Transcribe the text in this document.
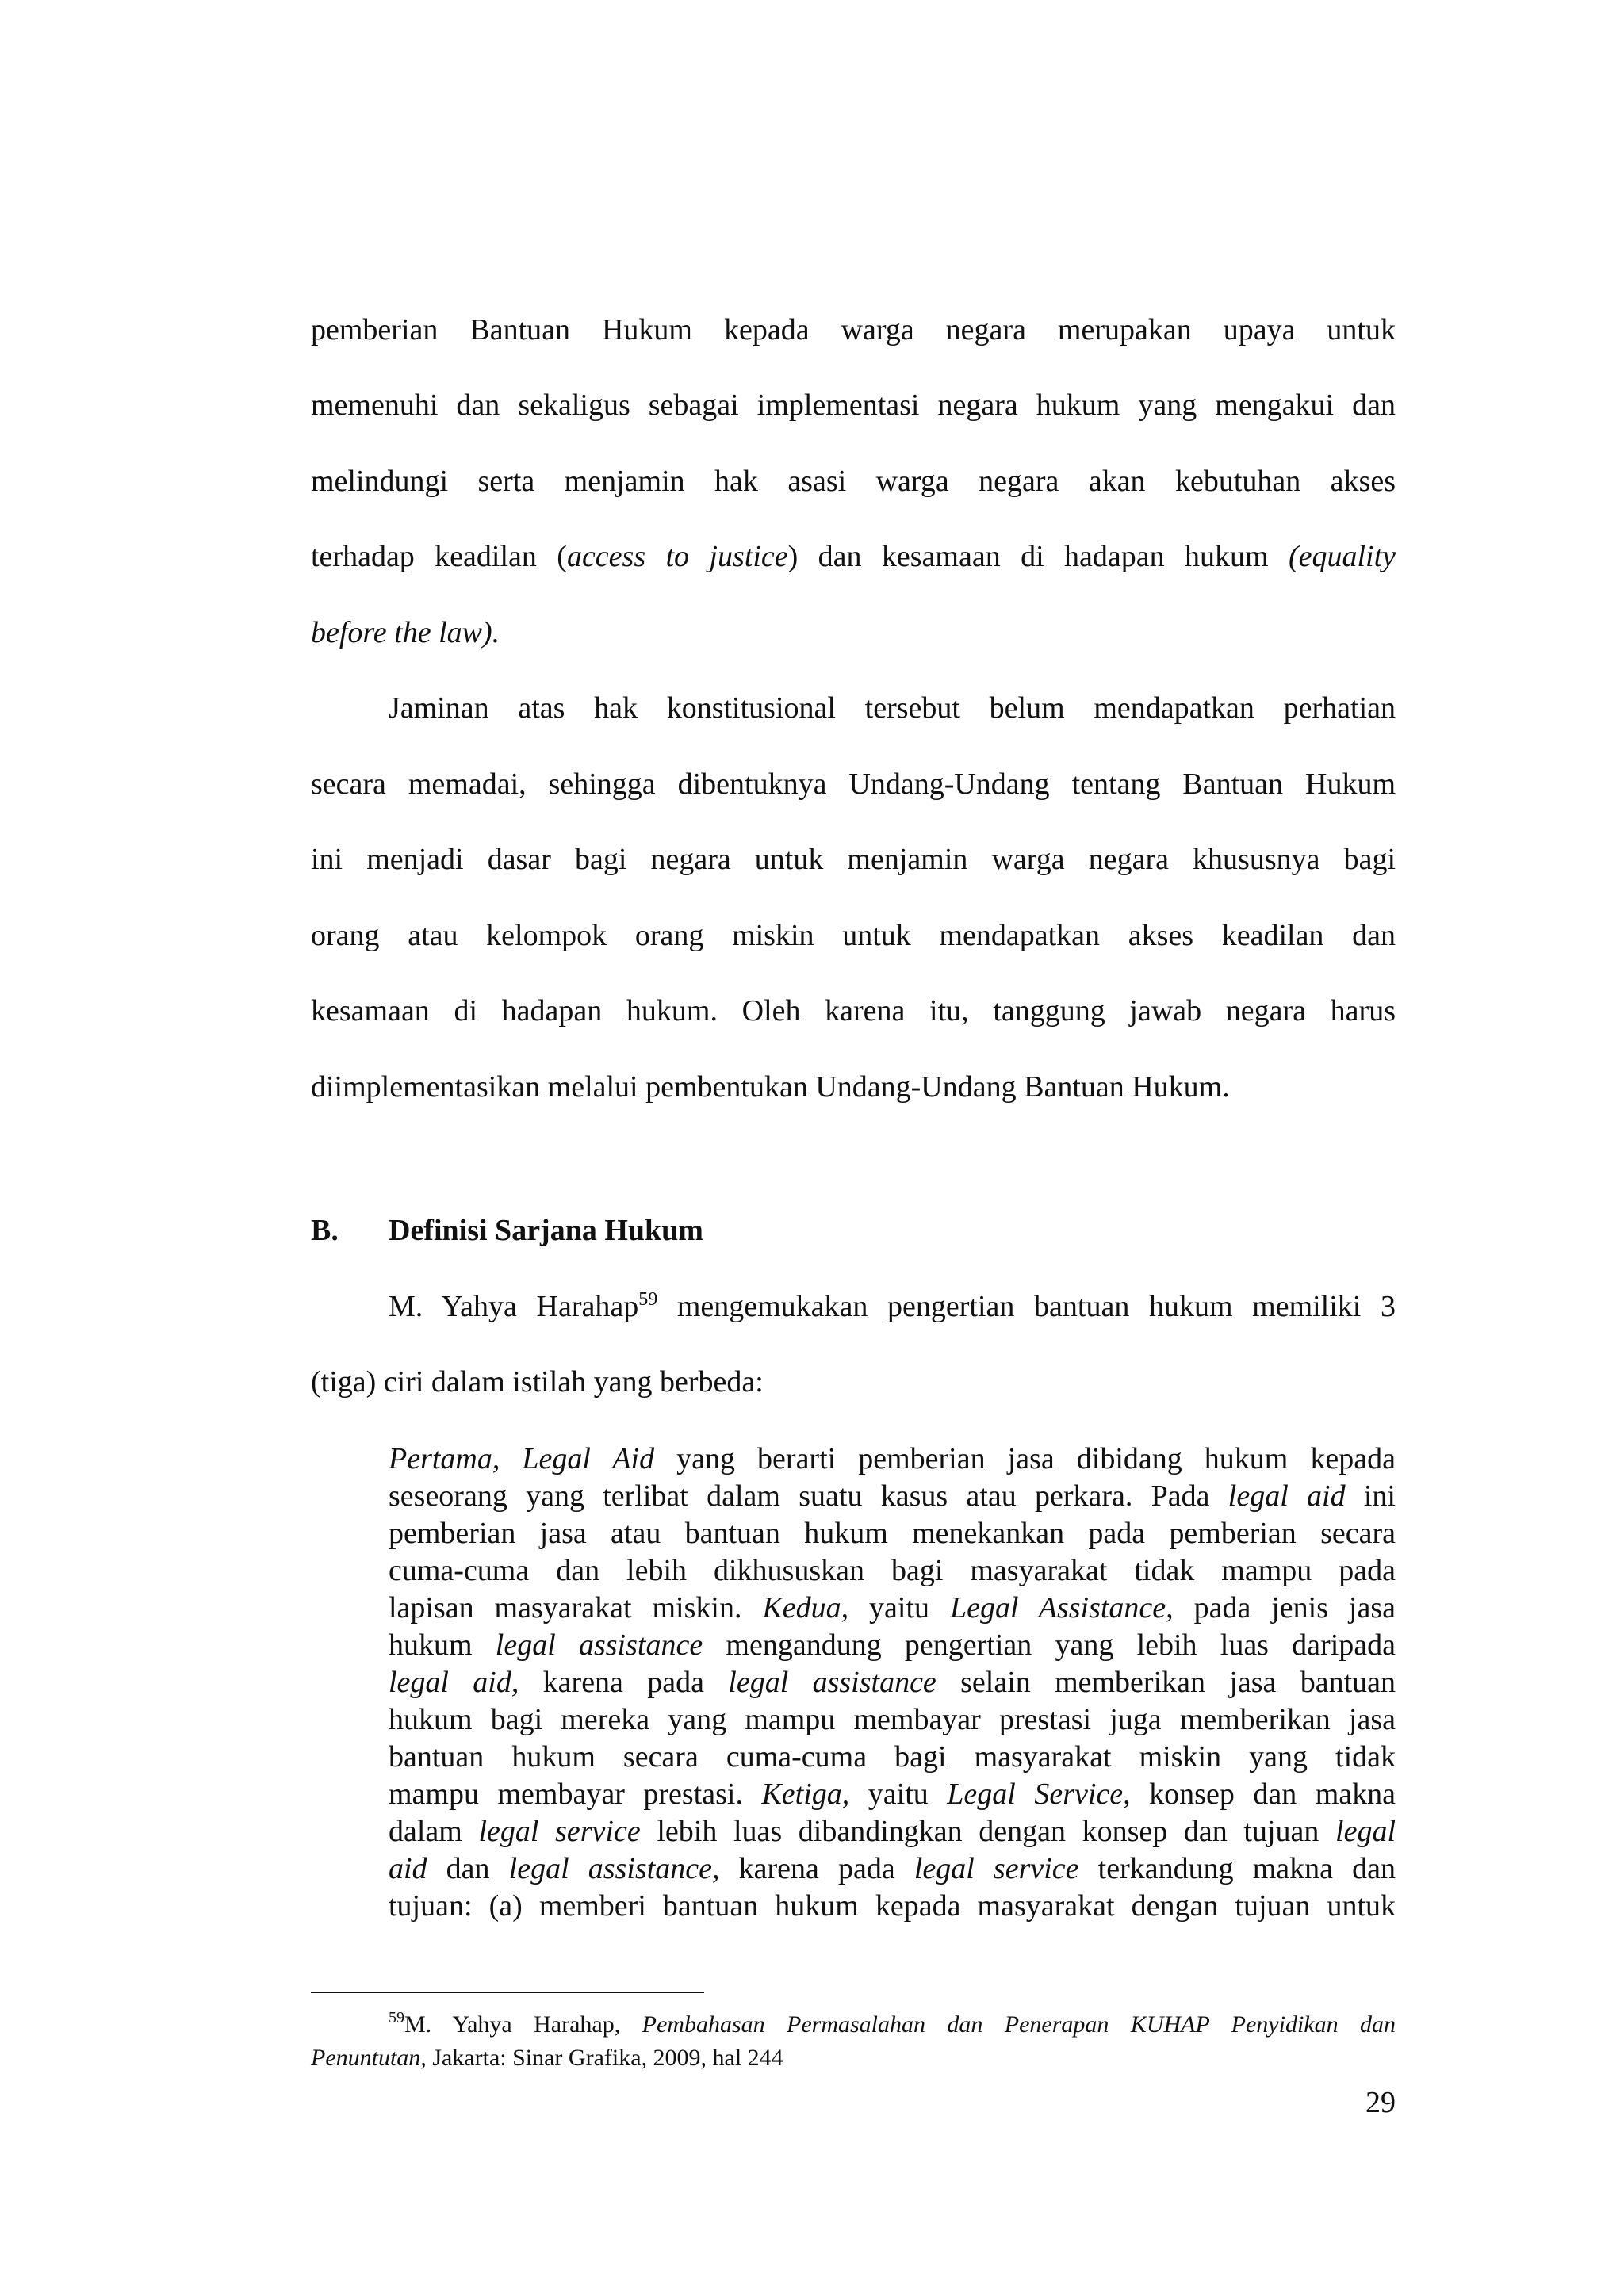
pemberian Bantuan Hukum kepada warga negara merupakan upaya untuk
memenuhi dan sekaligus sebagai implementasi negara hukum yang mengakui dan
melindungi serta menjamin hak asasi warga negara akan kebutuhan akses
terhadap keadilan (access to justice) dan kesamaan di hadapan hukum (equality
before the law).
Jaminan atas hak konstitusional tersebut belum mendapatkan perhatian
secara memadai, sehingga dibentuknya Undang-Undang tentang Bantuan Hukum
ini menjadi dasar bagi negara untuk menjamin warga negara khususnya bagi
orang atau kelompok orang miskin untuk mendapatkan akses keadilan dan
kesamaan di hadapan hukum. Oleh karena itu, tanggung jawab negara harus
diimplementasikan melalui pembentukan Undang-Undang Bantuan Hukum.
B. Definisi Sarjana Hukum
M. Yahya Harahap$^{59}$ mengemukakan pengertian bantuan hukum memiliki 3
(tiga) ciri dalam istilah yang berbeda:
Pertama, Legal Aid yang berarti pemberian jasa dibidang hukum kepada
seseorang yang terlibat dalam suatu kasus atau perkara. Pada legal aid ini
pemberian jasa atau bantuan hukum menekankan pada pemberian secara
cuma-cuma dan lebih dikhususkan bagi masyarakat tidak mampu pada
lapisan masyarakat miskin. Kedua, yaitu Legal Assistance, pada jenis jasa
hukum legal assistance mengandung pengertian yang lebih luas daripada
legal aid, karena pada legal assistance selain memberikan jasa bantuan
hukum bagi mereka yang mampu membayar prestasi juga memberikan jasa
bantuan hukum secara cuma-cuma bagi masyarakat miskin yang tidak
mampu membayar prestasi. Ketiga, yaitu Legal Service, konsep dan makna
dalam legal service lebih luas dibandingkan dengan konsep dan tujuan legal
aid dan legal assistance, karena pada legal service terkandung makna dan
tujuan: (a) memberi bantuan hukum kepada masyarakat dengan tujuan untuk
$^{59}$M. Yahya Harahap, Pembahasan Permasalahan dan Penerapan KUHAP Penyidikan dan
Penuntutan, Jakarta: Sinar Grafika, 2009, hal 244
29
